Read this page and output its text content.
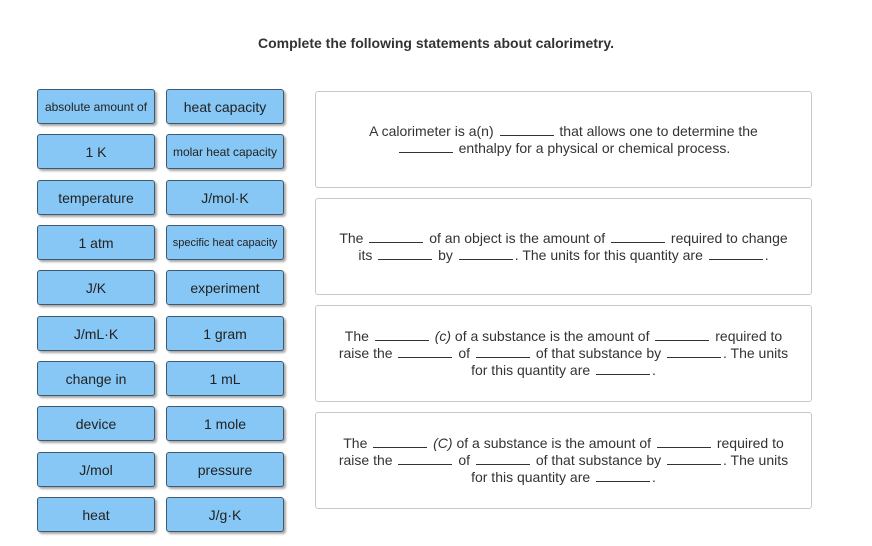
Complete the following statements about calorimetry.
absolute amount of
1 K
temperature
1 atm
J/K
J/mL·K
change in
device
J/mol
heat
heat capacity
molar heat capacity
J/mol·K
specific heat capacity
experiment
1 gram
1 mL
1 mole
pressure
J/g·K

A calorimeter is a(n)	that allows one to determine the
enthalpy for a physical or chemical process.

The	of an object is the amount of	required to change its	by	. The units for this quantity are	.

The	(c) of a substance is the amount of	required to raise the	of	of that substance by	. The units for this quantity are	.

The	(C) of a substance is the amount of	required to raise the	of	of that substance by	. The units for this quantity are	.
